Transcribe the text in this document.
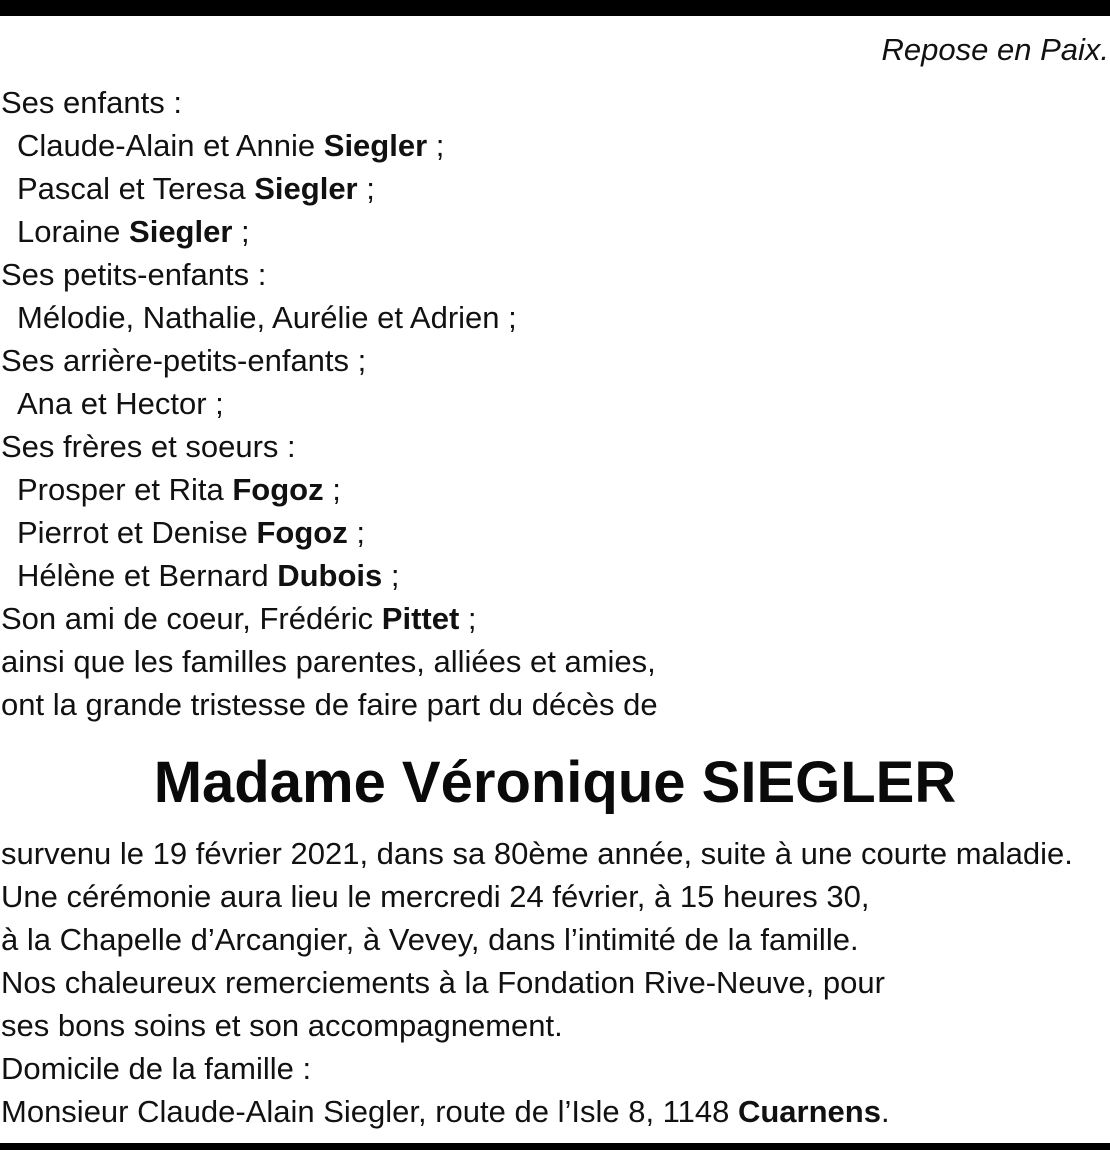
Repose en Paix.
Ses enfants :
Claude-Alain et Annie Siegler ;
Pascal et Teresa Siegler ;
Loraine Siegler ;
Ses petits-enfants :
Mélodie, Nathalie, Aurélie et Adrien ;
Ses arrière-petits-enfants ;
Ana et Hector ;
Ses frères et soeurs :
Prosper et Rita Fogoz ;
Pierrot et Denise Fogoz ;
Hélène et Bernard Dubois ;
Son ami de coeur, Frédéric Pittet ;
ainsi que les familles parentes, alliées et amies,
ont la grande tristesse de faire part du décès de
Madame Véronique SIEGLER
survenu le 19 février 2021, dans sa 80ème année, suite à une courte maladie.
Une cérémonie aura lieu le mercredi 24 février, à 15 heures 30,
à la Chapelle d’Arcangier, à Vevey, dans l’intimité de la famille.
Nos chaleureux remerciements à la Fondation Rive-Neuve, pour
ses bons soins et son accompagnement.
Domicile de la famille :
Monsieur Claude-Alain Siegler, route de l’Isle 8, 1148 Cuarnens.
